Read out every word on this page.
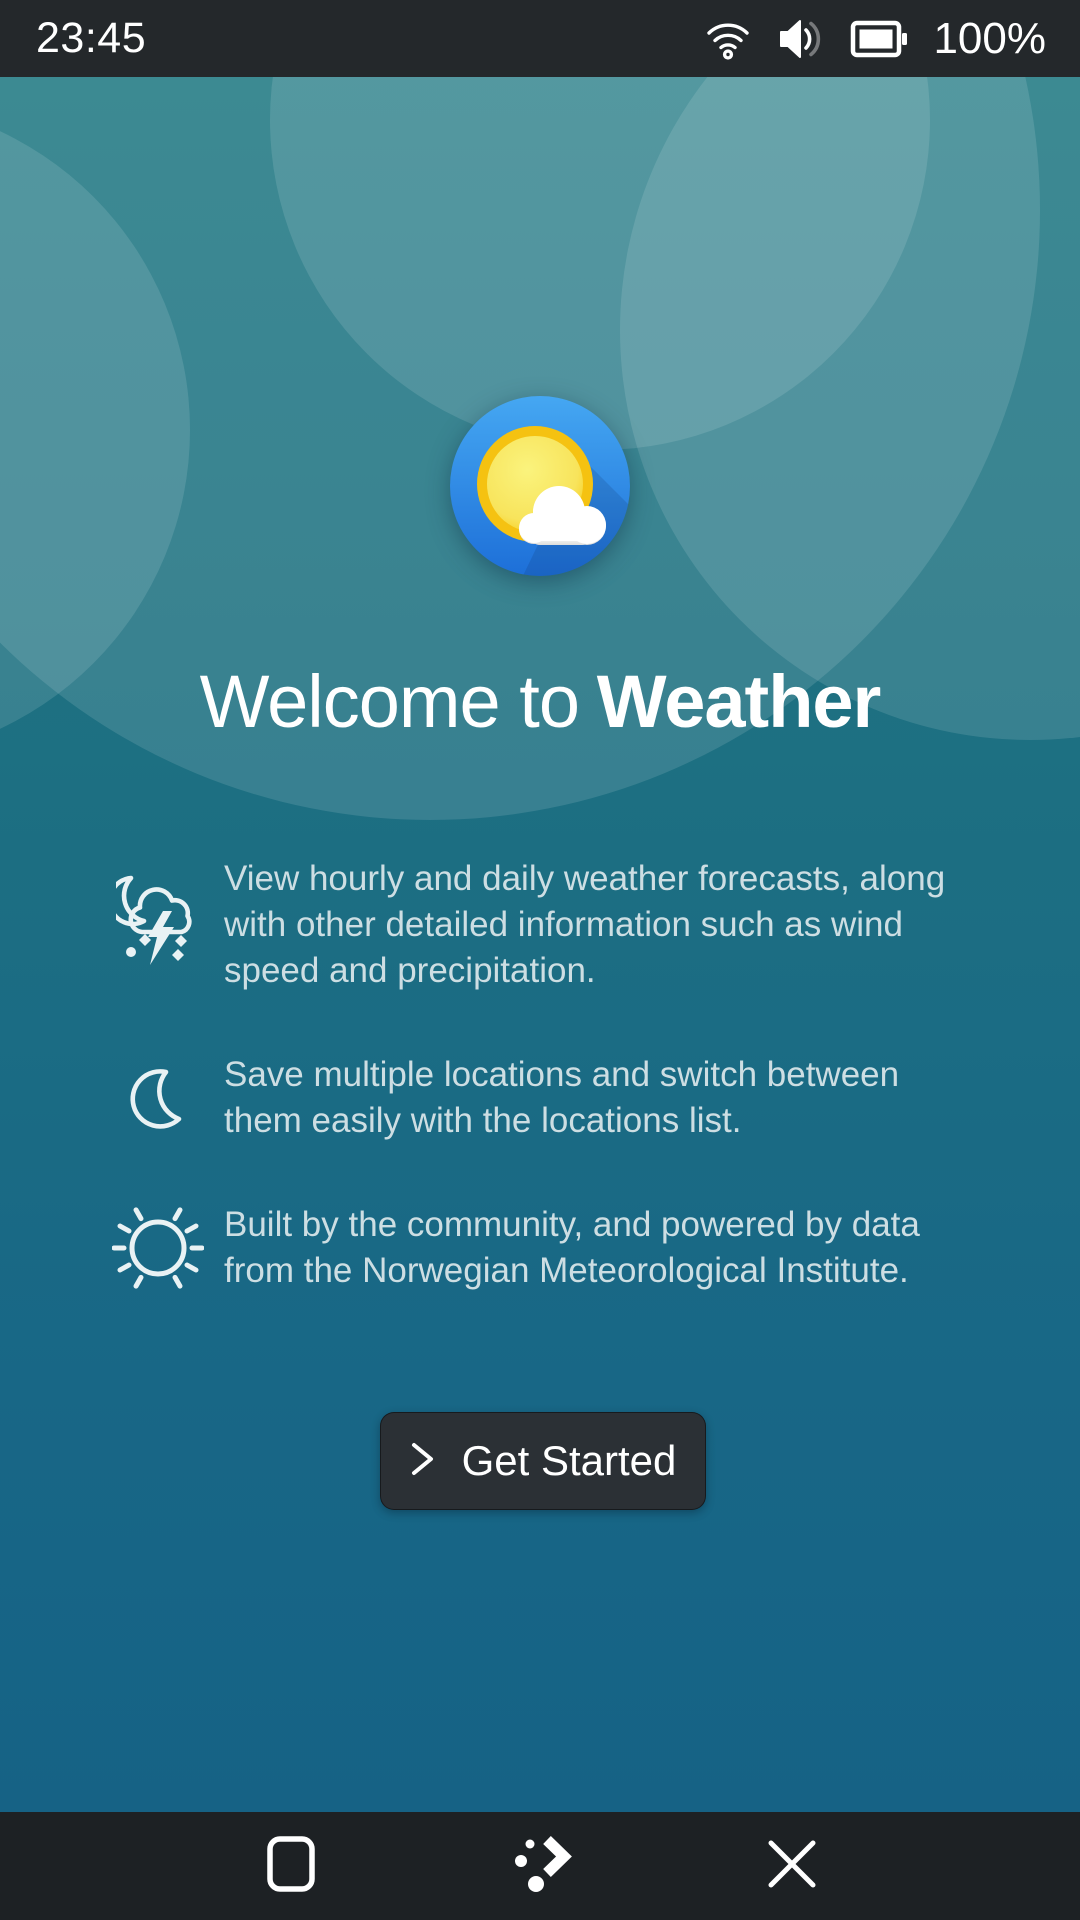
23:45	100%
Welcome to Weather
View hourly and daily weather forecasts, along with other detailed information such as wind speed and precipitation.
Save multiple locations and switch between them easily with the locations list.
Built by the community, and powered by data from the Norwegian Meteorological Institute.
Get Started
